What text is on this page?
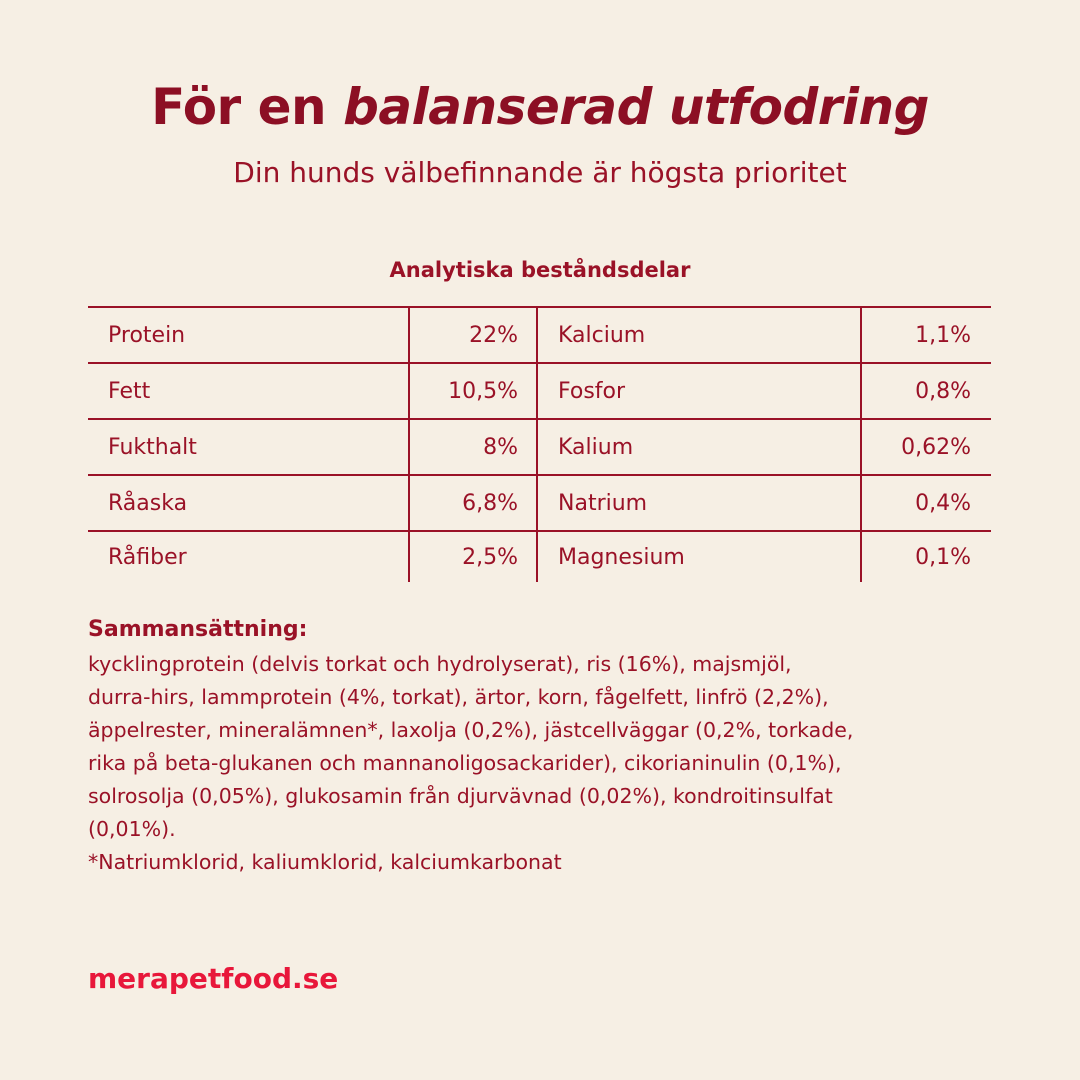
För en balanserad utfodring
Din hunds välbefinnande är högsta prioritet
Analytiska beståndsdelar
Protein	22%	Kalcium	1,1%
Fett	10,5%	Fosfor	0,8%
Fukthalt	8%	Kalium	0,62%
Råaska	6,8%	Natrium	0,4%
Råfiber	2,5%	Magnesium	0,1%
Sammansättning:
kycklingprotein (delvis torkat och hydrolyserat), ris (16%), majsmjöl,
durra-hirs, lammprotein (4%, torkat), ärtor, korn, fågelfett, linfrö (2,2%),
äppelrester, mineralämnen*, laxolja (0,2%), jästcellväggar (0,2%, torkade,
rika på beta-glukanen och mannanoligosackarider), cikorianinulin (0,1%),
solrosolja (0,05%), glukosamin från djurvävnad (0,02%), kondroitinsulfat
(0,01%).
*Natriumklorid, kaliumklorid, kalciumkarbonat
merapetfood.se
